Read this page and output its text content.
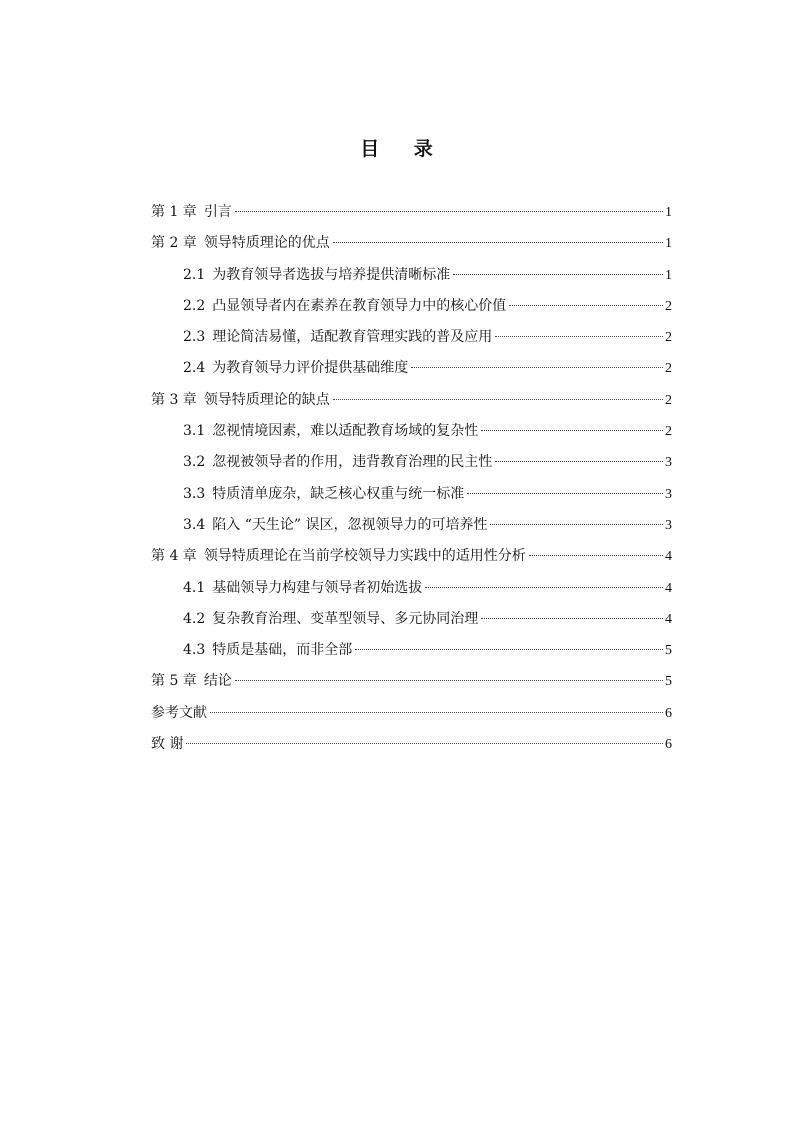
目 录
第 1 章 引言	1
第 2 章 领导特质理论的优点	1
2.1 为教育领导者选拔与培养提供清晰标准	1
2.2 凸显领导者内在素养在教育领导力中的核心价值	2
2.3 理论简洁易懂，适配教育管理实践的普及应用	2
2.4 为教育领导力评价提供基础维度	2
第 3 章 领导特质理论的缺点	2
3.1 忽视情境因素，难以适配教育场域的复杂性	2
3.2 忽视被领导者的作用，违背教育治理的民主性	3
3.3 特质清单庞杂，缺乏核心权重与统一标准	3
3.4 陷入 “天生论” 误区，忽视领导力的可培养性	3
第 4 章 领导特质理论在当前学校领导力实践中的适用性分析	4
4.1 基础领导力构建与领导者初始选拔	4
4.2 复杂教育治理、变革型领导、多元协同治理	4
4.3 特质是基础，而非全部	5
第 5 章 结论	5
参考文献	6
致 谢	6
